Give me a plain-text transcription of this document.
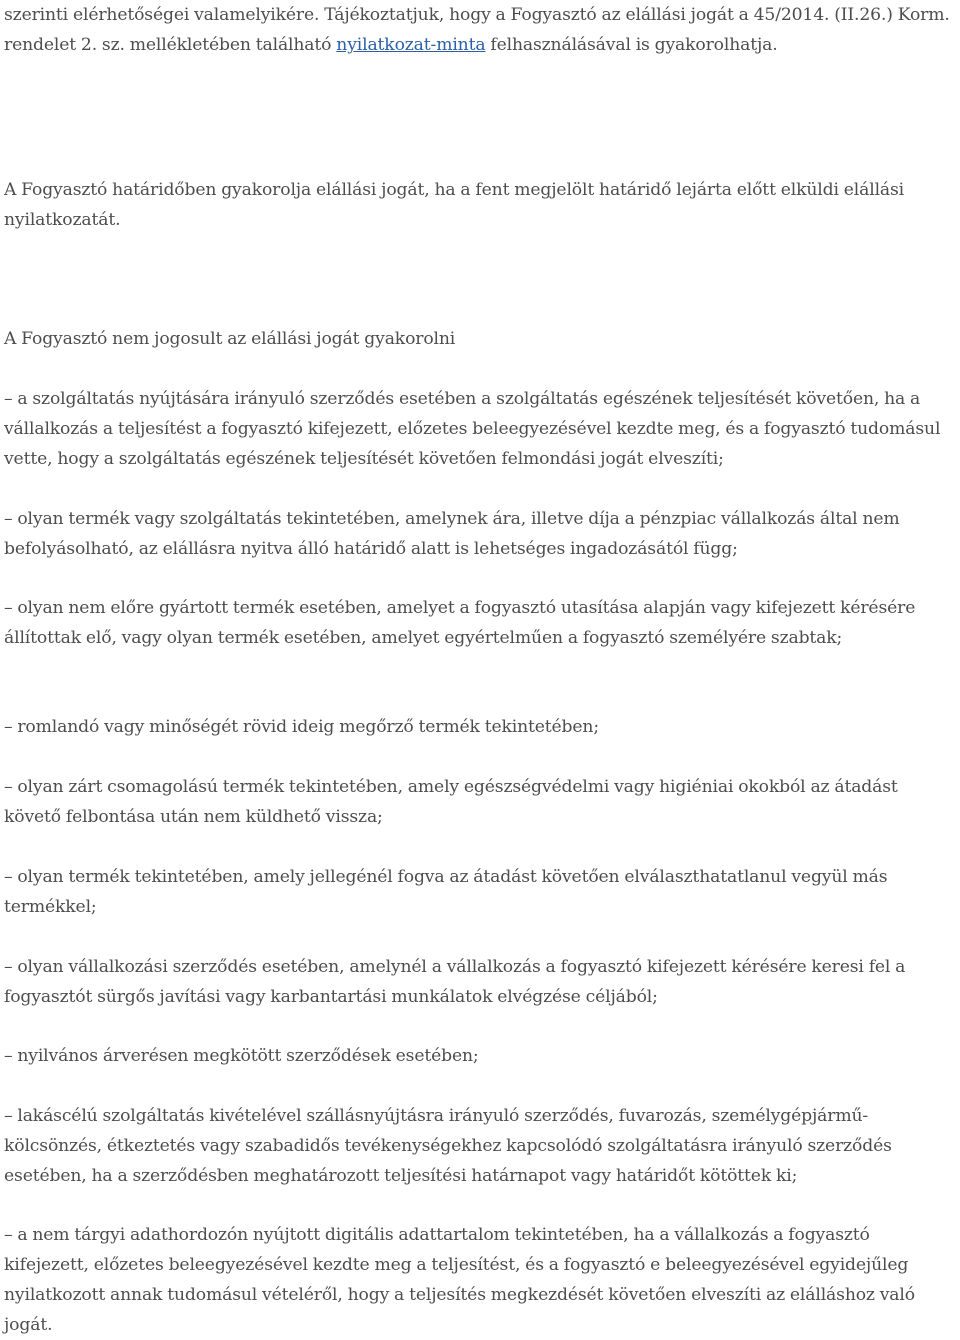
szerinti elérhetőségei valamelyikére. Tájékoztatjuk, hogy a Fogyasztó az elállási jogát a 45/2014. (II.26.) Korm. rendelet 2. sz. mellékletében található nyilatkozat-minta felhasználásával is gyakorolhatja.

A Fogyasztó határidőben gyakorolja elállási jogát, ha a fent megjelölt határidő lejárta előtt elküldi elállási nyilatkozatát.

A Fogyasztó nem jogosult az elállási jogát gyakorolni

– a szolgáltatás nyújtására irányuló szerződés esetében a szolgáltatás egészének teljesítését követően, ha a vállalkozás a teljesítést a fogyasztó kifejezett, előzetes beleegyezésével kezdte meg, és a fogyasztó tudomásul vette, hogy a szolgáltatás egészének teljesítését követően felmondási jogát elveszíti;

– olyan termék vagy szolgáltatás tekintetében, amelynek ára, illetve díja a pénzpiac vállalkozás által nem befolyásolható, az elállásra nyitva álló határidő alatt is lehetséges ingadozásától függ;

– olyan nem előre gyártott termék esetében, amelyet a fogyasztó utasítása alapján vagy kifejezett kérésére állítottak elő, vagy olyan termék esetében, amelyet egyértelműen a fogyasztó személyére szabtak;

– romlandó vagy minőségét rövid ideig megőrző termék tekintetében;

– olyan zárt csomagolású termék tekintetében, amely egészségvédelmi vagy higiéniai okokból az átadást követő felbontása után nem küldhető vissza;

– olyan termék tekintetében, amely jellegénél fogva az átadást követően elválaszthatatlanul vegyül más termékkel;

– olyan vállalkozási szerződés esetében, amelynél a vállalkozás a fogyasztó kifejezett kérésére keresi fel a fogyasztót sürgős javítási vagy karbantartási munkálatok elvégzése céljából;

– nyilvános árverésen megkötött szerződések esetében;

– lakáscélú szolgáltatás kivételével szállásnyújtásra irányuló szerződés, fuvarozás, személygépjármű-kölcsönzés, étkeztetés vagy szabadidős tevékenységekhez kapcsolódó szolgáltatásra irányuló szerződés esetében, ha a szerződésben meghatározott teljesítési határnapot vagy határidőt kötöttek ki;

– a nem tárgyi adathordozón nyújtott digitális adattartalom tekintetében, ha a vállalkozás a fogyasztó kifejezett, előzetes beleegyezésével kezdte meg a teljesítést, és a fogyasztó e beleegyezésével egyidejűleg nyilatkozott annak tudomásul vételéről, hogy a teljesítés megkezdését követően elveszíti az elálláshoz való jogát.
